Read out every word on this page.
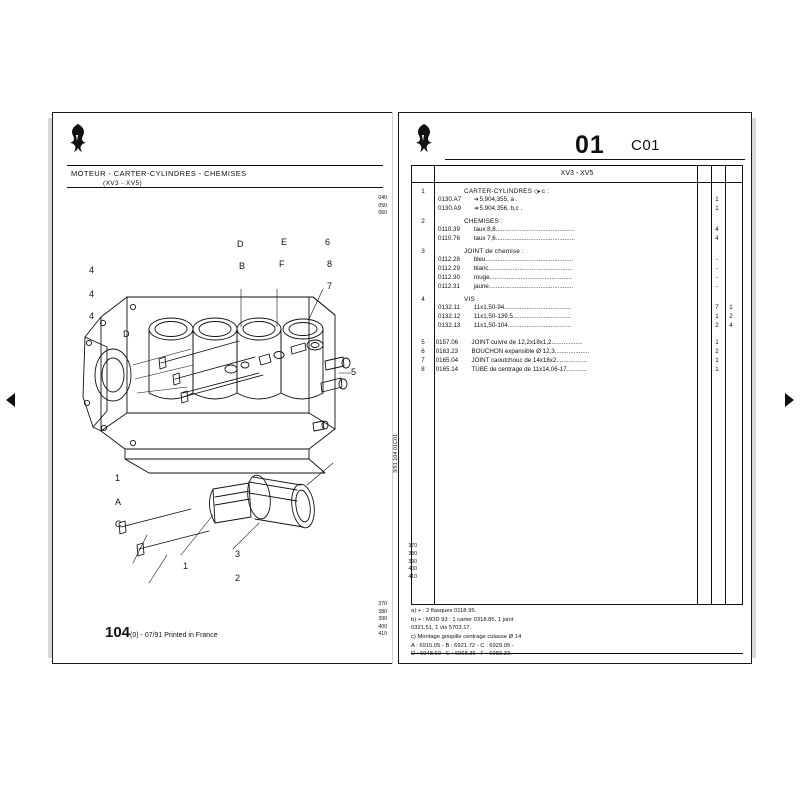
MOTEUR - CARTER-CYLINDRES - CHEMISES
(XV3 - XV5)
040
050
060
370
380
390
400
410
D	E
B	F
4
4
4
D
6
8
7
5
1
A
C
1
3
2
104(0) - 07/91 Printed in France
01 C01
XV3 - XV5
1	CARTER-CYLINDRES ◇▸ c :
0130.A7 ➔ 5.904,355, a .	1
0130.A9 ➔ 5.904,356, b,c .	1
2	CHEMISES :
0110.39 taux 8,8..............................................	4
0110.76 taux 7,6..............................................	4
3	JOINT de chemise :
0112.28 bleu...................................................	-
0112.29 blanc.................................................	-
0112.30 rouge................................................	-
0112.31 jaune.................................................	-
4	VIS :
0132.11 11x1,50-94.......................................	7	1
0132.12 11x1,50-139,5..................................	1	2
0132.13 11x1,50-104.....................................	2	4
5 0157.06 JOINT cuivre de 12,2x18x1,2..................	1
6 0163.23 BOUCHON expansible Ø 12,3....................	2
7 0165.04 JOINT caoutchouc de 14x18x2..................	1
8 0165.14 TUBE de centrage de 11x14,06-17............	1
a) + : 2 flasques 0118.95.
b) + : MOD 93 : 1 carter 0318.85, 1 joint
0321.51, 1 vis 5703.17.
c) Montage goupille centrage culasse Ø 14
A : 6915.05 - B : 6921.72 - C : 6929.05 -
D : 6948.60 - E : 6968.36 - F : 6983.33.
3/91 104 01C01
370
380
390
400
410
